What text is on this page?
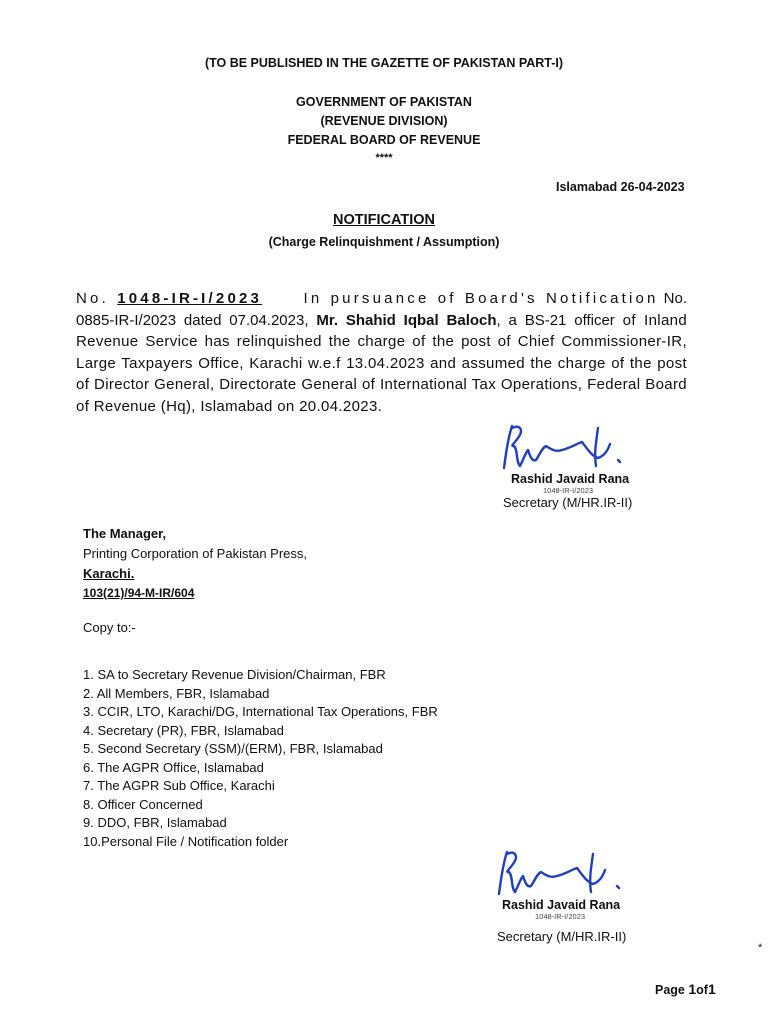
(TO BE PUBLISHED IN THE GAZETTE OF PAKISTAN PART-I)
GOVERNMENT OF PAKISTAN
(REVENUE DIVISION)
FEDERAL BOARD OF REVENUE
****
Islamabad 26-04-2023
NOTIFICATION
(Charge Relinquishment / Assumption)
No. 1048-IR-I/2023	In pursuance of Board's Notification No. 0885-IR-I/2023 dated 07.04.2023, Mr. Shahid Iqbal Baloch, a BS-21 officer of Inland Revenue Service has relinquished the charge of the post of Chief Commissioner-IR, Large Taxpayers Office, Karachi w.e.f 13.04.2023 and assumed the charge of the post of Director General, Directorate General of International Tax Operations, Federal Board of Revenue (Hq), Islamabad on 20.04.2023.
Rashid Javaid Rana
1048-IR-I/2023
Secretary (M/HR.IR-II)
The Manager,
Printing Corporation of Pakistan Press,
Karachi.
103(21)/94-M-IR/604
Copy to:-
1. SA to Secretary Revenue Division/Chairman, FBR
2. All Members, FBR, Islamabad
3. CCIR, LTO, Karachi/DG, International Tax Operations, FBR
4. Secretary (PR), FBR, Islamabad
5. Second Secretary (SSM)/(ERM), FBR, Islamabad
6. The AGPR Office, Islamabad
7. The AGPR Sub Office, Karachi
8. Officer Concerned
9. DDO, FBR, Islamabad
10.Personal File / Notification folder
Rashid Javaid Rana
1048-IR-I/2023
Secretary (M/HR.IR-II)
*
Page 1of1
